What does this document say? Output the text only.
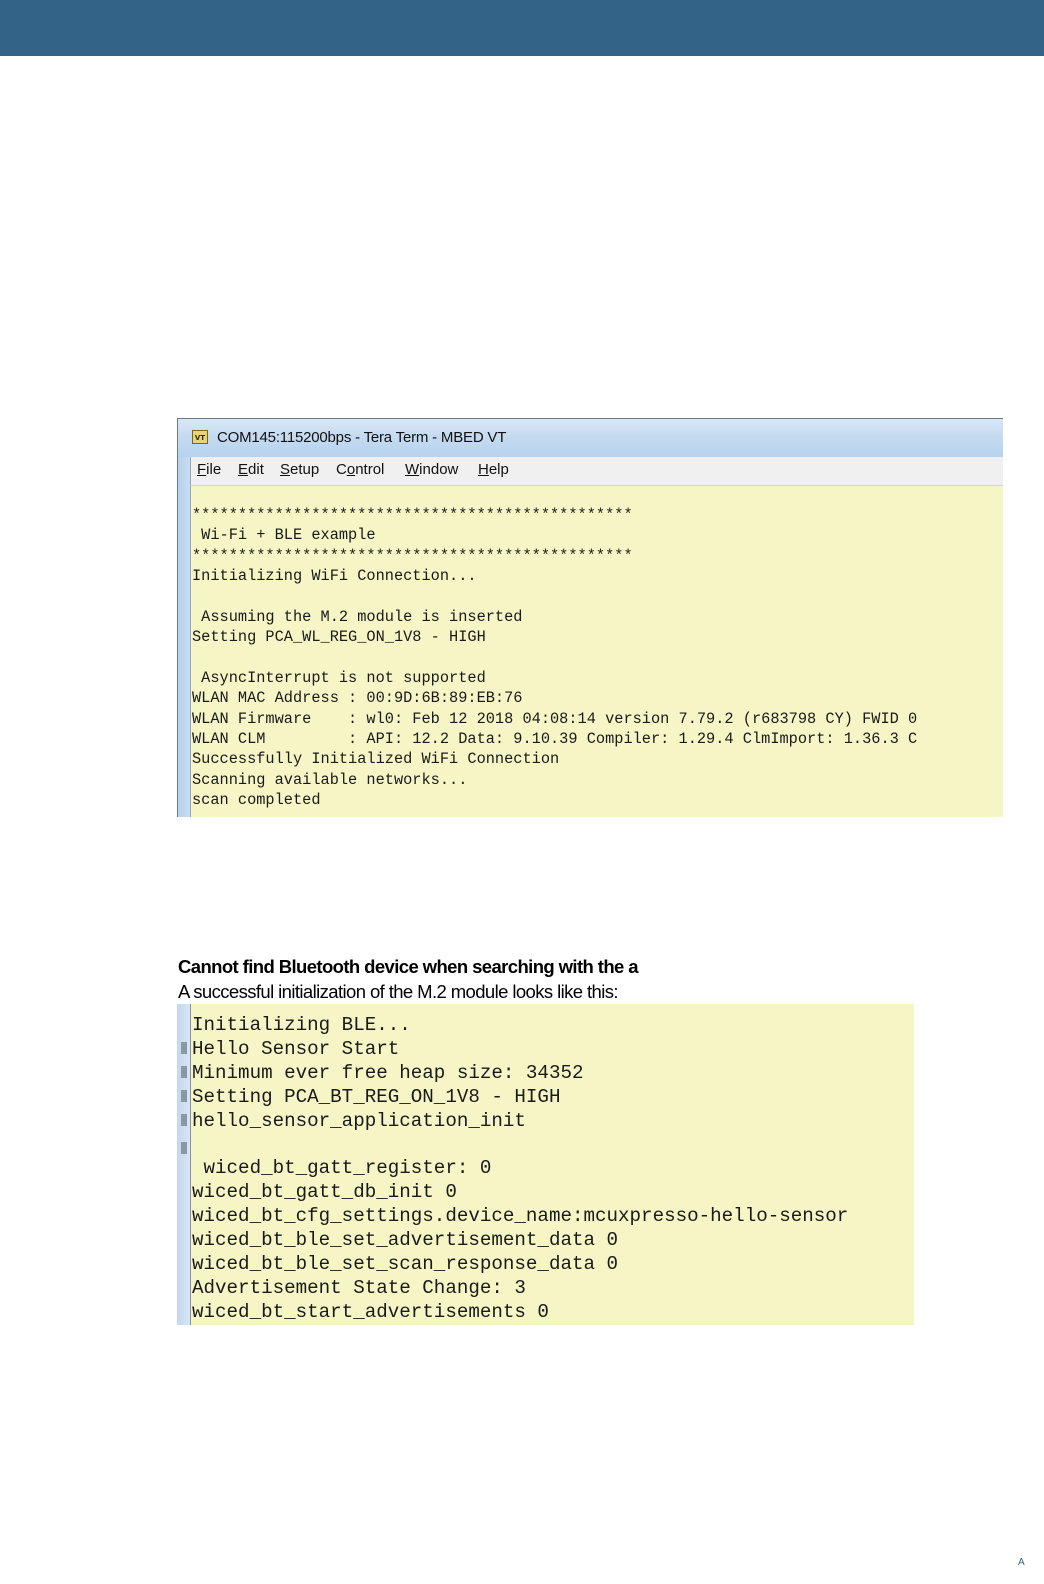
VT COM145:115200bps - Tera Term - MBED VT
File Edit Setup Control Window Help
************************************************
Wi-Fi + BLE example
************************************************
Initializing WiFi Connection...
Assuming the M.2 module is inserted
Setting PCA_WL_REG_ON_1V8 - HIGH
AsyncInterrupt is not supported
WLAN MAC Address : 00:9D:6B:89:EB:76
WLAN Firmware    : wl0: Feb 12 2018 04:08:14 version 7.79.2 (r683798 CY) FWID 0
WLAN CLM         : API: 12.2 Data: 9.10.39 Compiler: 1.29.4 ClmImport: 1.36.3 C
Successfully Initialized WiFi Connection
Scanning available networks...
scan completed
Cannot find Bluetooth device when searching with the a
A successful initialization of the M.2 module looks like this:
Initializing BLE...
Hello Sensor Start
Minimum ever free heap size: 34352
Setting PCA_BT_REG_ON_1V8 - HIGH
hello_sensor_application_init
wiced_bt_gatt_register: 0
wiced_bt_gatt_db_init 0
wiced_bt_cfg_settings.device_name:mcuxpresso-hello-sensor
wiced_bt_ble_set_advertisement_data 0
wiced_bt_ble_set_scan_response_data 0
Advertisement State Change: 3
wiced_bt_start_advertisements 0
A
